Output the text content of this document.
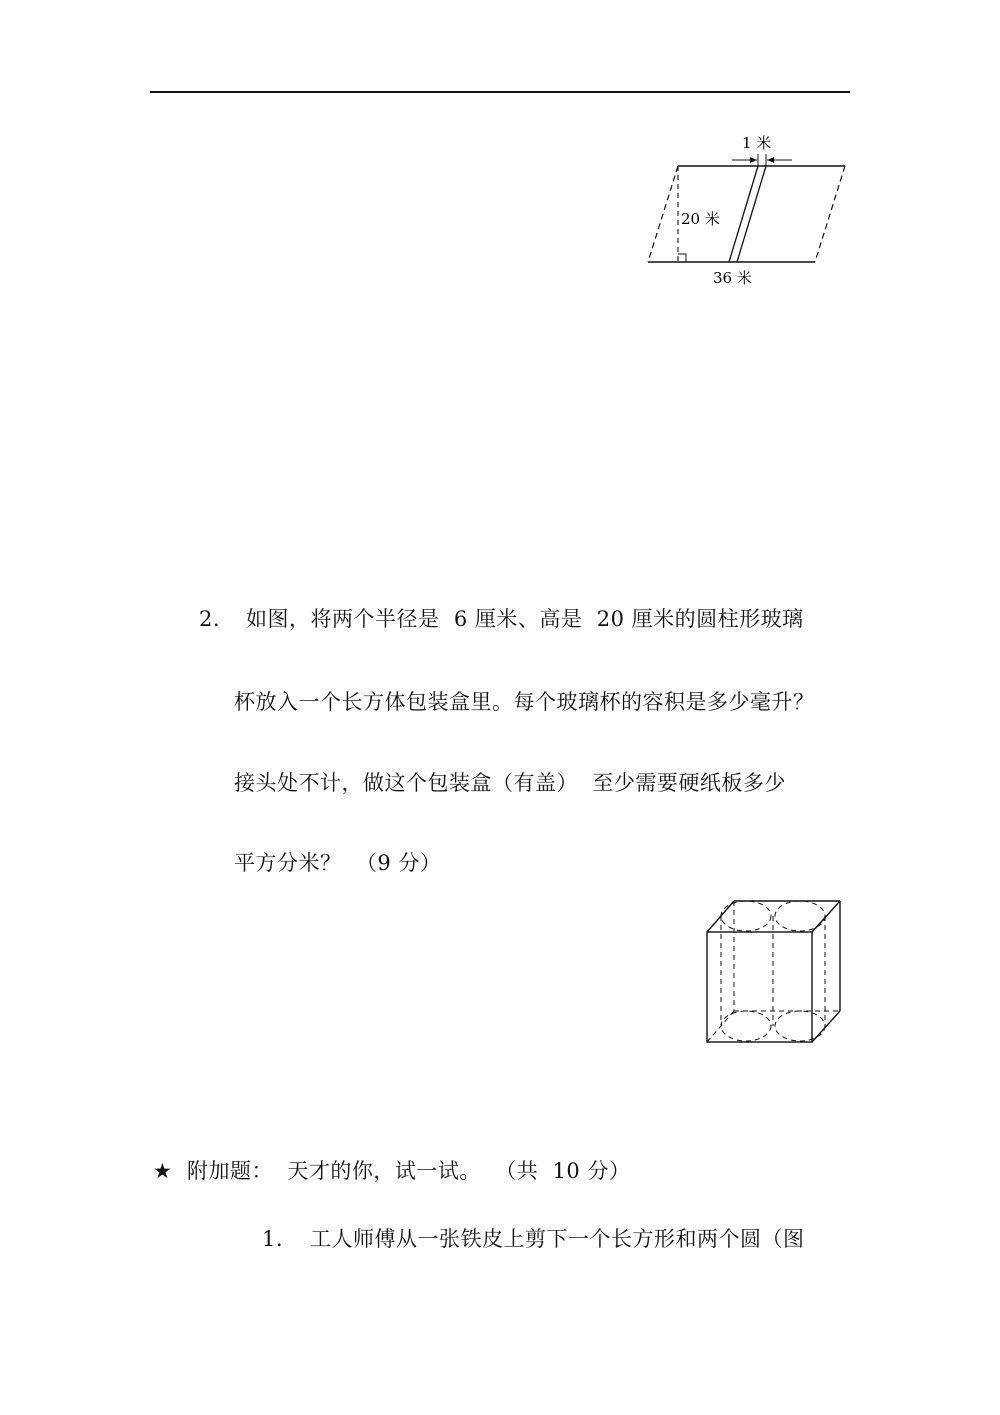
1 米
20 米
36 米
2. 如图，将两个半径是  6 厘米、高是  20 厘米的圆柱形玻璃
杯放入一个长方体包装盒里。每个玻璃杯的容积是多少毫升？
接头处不计，做这个包装盒（有盖）  至少需要硬纸板多少
平方分米？  （9 分）
★ 附加题：  天才的你，试一试。  （共  10 分）
1. 工人师傅从一张铁皮上剪下一个长方形和两个圆（图
